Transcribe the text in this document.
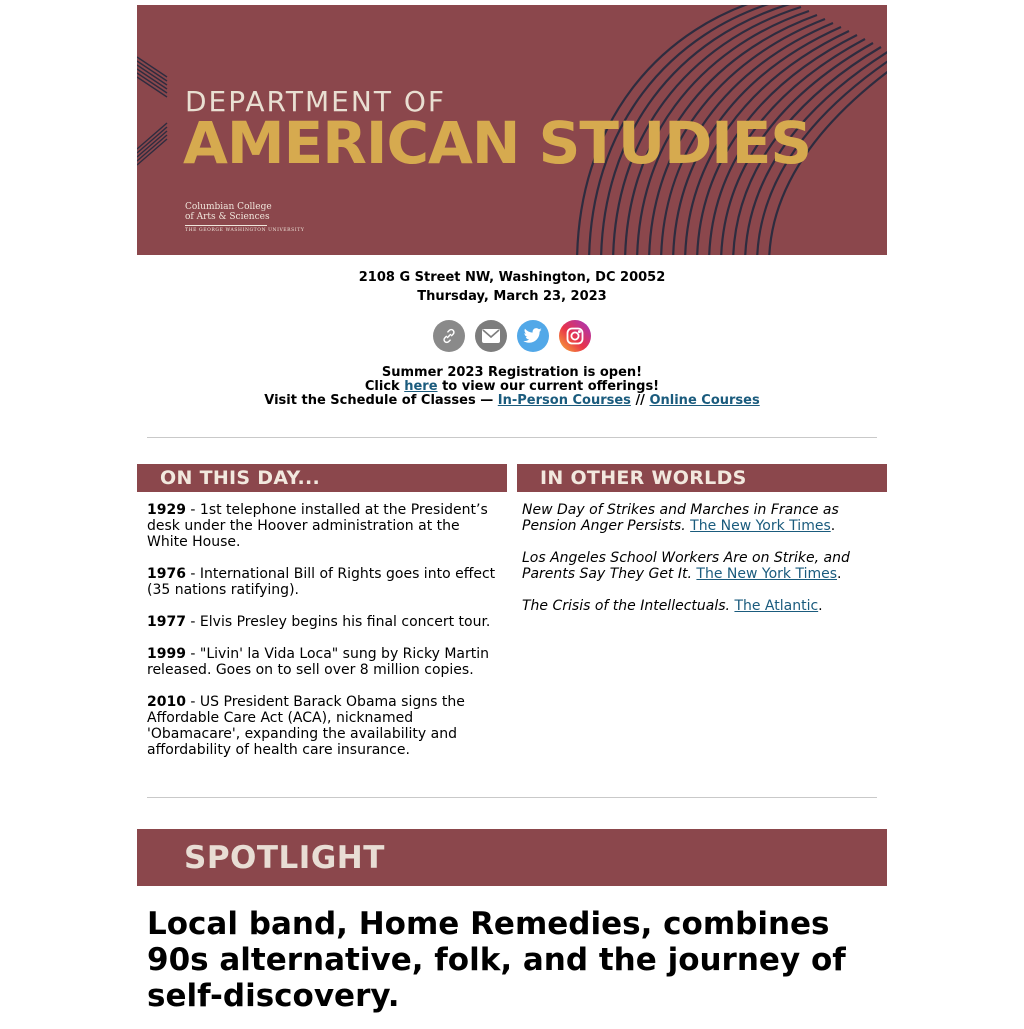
DEPARTMENT OF
AMERICAN STUDIES
Columbian College
of Arts & Sciences
THE GEORGE WASHINGTON UNIVERSITY
2108 G Street NW, Washington, DC 20052
Thursday, March 23, 2023
Summer 2023 Registration is open!
Click here to view our current offerings!
Visit the Schedule of Classes — In-Person Courses // Online Courses
ON THIS DAY...

1929 - 1st telephone installed at the President’s desk under the Hoover administration at the White House.

1976 - International Bill of Rights goes into effect (35 nations ratifying).

1977 - Elvis Presley begins his final concert tour.

1999 - "Livin' la Vida Loca" sung by Ricky Martin released. Goes on to sell over 8 million copies.

2010 - US President Barack Obama signs the Affordable Care Act (ACA), nicknamed 'Obamacare', expanding the availability and affordability of health care insurance.

IN OTHER WORLDS

New Day of Strikes and Marches in France as Pension Anger Persists. The New York Times.

Los Angeles School Workers Are on Strike, and Parents Say They Get It. The New York Times.

The Crisis of the Intellectuals. The Atlantic.

SPOTLIGHT
Local band, Home Remedies, combines 90s alternative, folk, and the journey of self-discovery.
